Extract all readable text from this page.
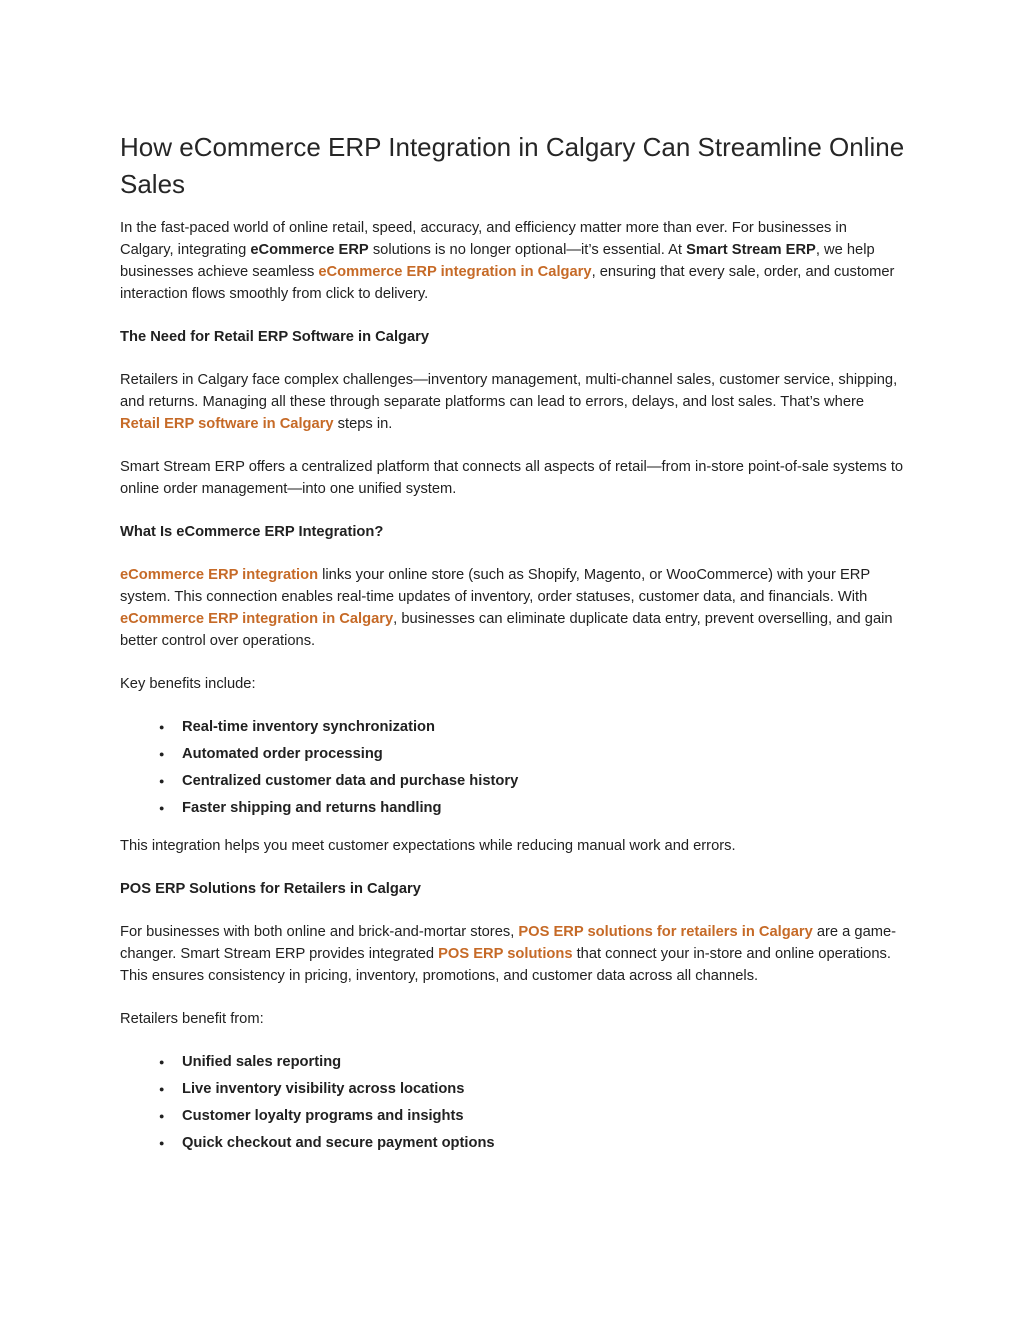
How eCommerce ERP Integration in Calgary Can Streamline Online Sales

In the fast-paced world of online retail, speed, accuracy, and efficiency matter more than ever. For businesses in Calgary, integrating eCommerce ERP solutions is no longer optional—it’s essential. At Smart Stream ERP, we help businesses achieve seamless eCommerce ERP integration in Calgary, ensuring that every sale, order, and customer interaction flows smoothly from click to delivery.

The Need for Retail ERP Software in Calgary

Retailers in Calgary face complex challenges—inventory management, multi-channel sales, customer service, shipping, and returns. Managing all these through separate platforms can lead to errors, delays, and lost sales. That’s where Retail ERP software in Calgary steps in.

Smart Stream ERP offers a centralized platform that connects all aspects of retail—from in-store point-of-sale systems to online order management—into one unified system.

What Is eCommerce ERP Integration?

eCommerce ERP integration links your online store (such as Shopify, Magento, or WooCommerce) with your ERP system. This connection enables real-time updates of inventory, order statuses, customer data, and financials. With eCommerce ERP integration in Calgary, businesses can eliminate duplicate data entry, prevent overselling, and gain better control over operations.

Key benefits include:

● Real-time inventory synchronization
● Automated order processing
● Centralized customer data and purchase history
● Faster shipping and returns handling

This integration helps you meet customer expectations while reducing manual work and errors.

POS ERP Solutions for Retailers in Calgary

For businesses with both online and brick-and-mortar stores, POS ERP solutions for retailers in Calgary are a game-changer. Smart Stream ERP provides integrated POS ERP solutions that connect your in-store and online operations. This ensures consistency in pricing, inventory, promotions, and customer data across all channels.

Retailers benefit from:

● Unified sales reporting
● Live inventory visibility across locations
● Customer loyalty programs and insights
● Quick checkout and secure payment options
